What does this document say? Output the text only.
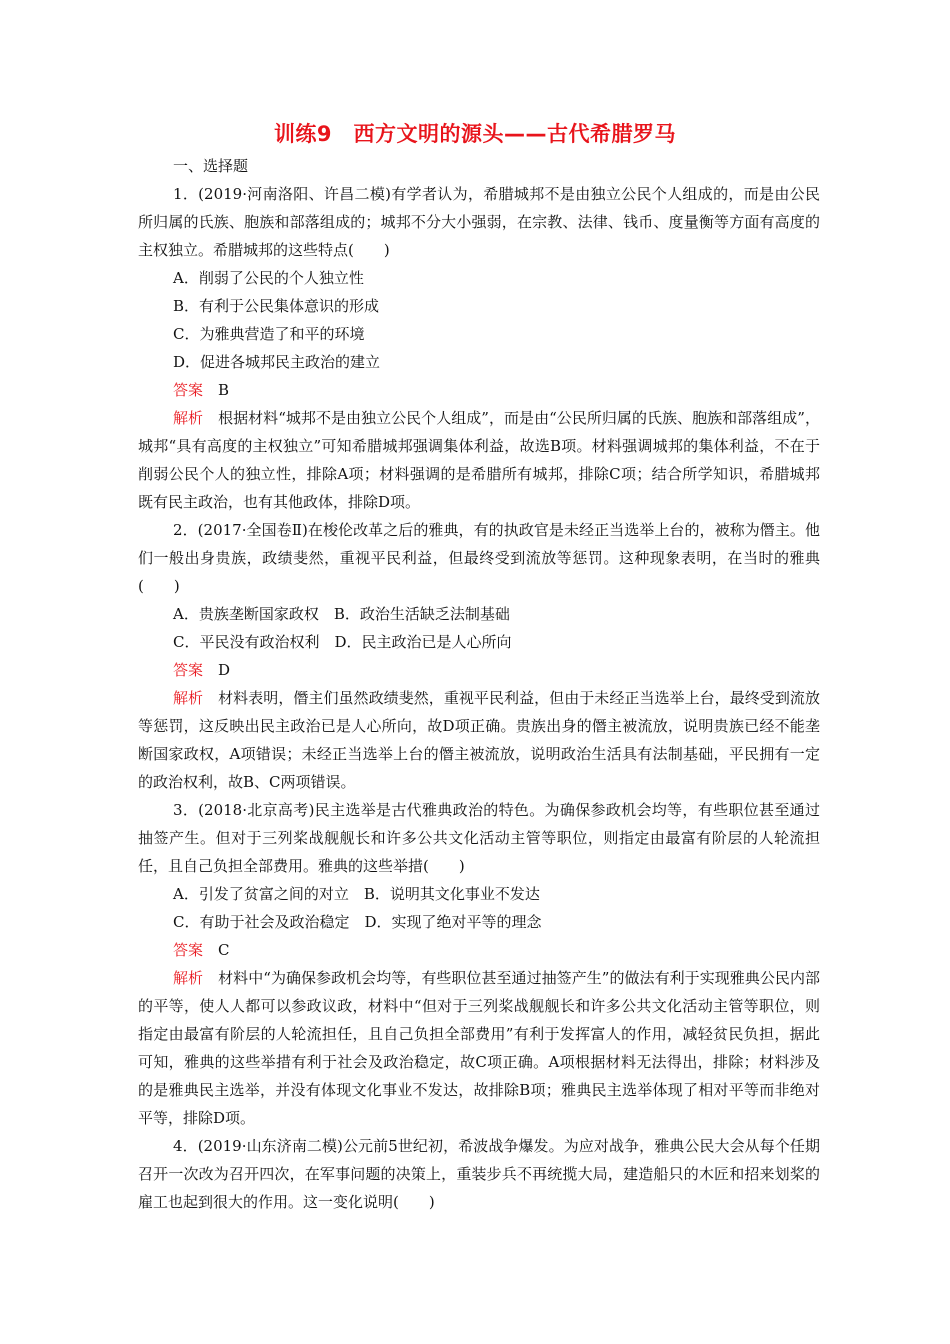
训练9　西方文明的源头——古代希腊罗马

一、选择题

1．(2019·河南洛阳、许昌二模)有学者认为，希腊城邦不是由独立公民个人组成的，而是由公民所归属的氏族、胞族和部落组成的；城邦不分大小强弱，在宗教、法律、钱币、度量衡等方面有高度的主权独立。希腊城邦的这些特点(　　)

A．削弱了公民的个人独立性

B．有利于公民集体意识的形成

C．为雅典营造了和平的环境

D．促进各城邦民主政治的建立

答案　 B

解析　 根据材料“城邦不是由独立公民个人组成”，而是由“公民所归属的氏族、胞族和部落组成”，城邦“具有高度的主权独立”可知希腊城邦强调集体利益，故选B项。材料强调城邦的集体利益，不在于削弱公民个人的独立性，排除A项；材料强调的是希腊所有城邦，排除C项；结合所学知识，希腊城邦既有民主政治，也有其他政体，排除D项。

2．(2017·全国卷Ⅱ)在梭伦改革之后的雅典，有的执政官是未经正当选举上台的，被称为僭主。他们一般出身贵族，政绩斐然，重视平民利益，但最终受到流放等惩罚。这种现象表明，在当时的雅典(　　)

A．贵族垄断国家政权　B．政治生活缺乏法制基础

C．平民没有政治权利　D．民主政治已是人心所向

答案　 D

解析　 材料表明，僭主们虽然政绩斐然，重视平民利益，但由于未经正当选举上台，最终受到流放等惩罚，这反映出民主政治已是人心所向，故D项正确。贵族出身的僭主被流放，说明贵族已经不能垄断国家政权，A项错误；未经正当选举上台的僭主被流放，说明政治生活具有法制基础，平民拥有一定的政治权利，故B、C两项错误。

3．(2018·北京高考)民主选举是古代雅典政治的特色。为确保参政机会均等，有些职位甚至通过抽签产生。但对于三列桨战舰舰长和许多公共文化活动主管等职位，则指定由最富有阶层的人轮流担任，且自己负担全部费用。雅典的这些举措(　　)

A．引发了贫富之间的对立　B．说明其文化事业不发达

C．有助于社会及政治稳定　D．实现了绝对平等的理念

答案　 C

解析　 材料中“为确保参政机会均等，有些职位甚至通过抽签产生”的做法有利于实现雅典公民内部的平等，使人人都可以参政议政，材料中“但对于三列桨战舰舰长和许多公共文化活动主管等职位，则指定由最富有阶层的人轮流担任，且自己负担全部费用”有利于发挥富人的作用，减轻贫民负担，据此可知，雅典的这些举措有利于社会及政治稳定，故C项正确。A项根据材料无法得出，排除；材料涉及的是雅典民主选举，并没有体现文化事业不发达，故排除B项；雅典民主选举体现了相对平等而非绝对平等，排除D项。

4．(2019·山东济南二模)公元前5世纪初，希波战争爆发。为应对战争，雅典公民大会从每个任期召开一次改为召开四次，在军事问题的决策上，重装步兵不再统揽大局，建造船只的木匠和招来划桨的雇工也起到很大的作用。这一变化说明(　　)
